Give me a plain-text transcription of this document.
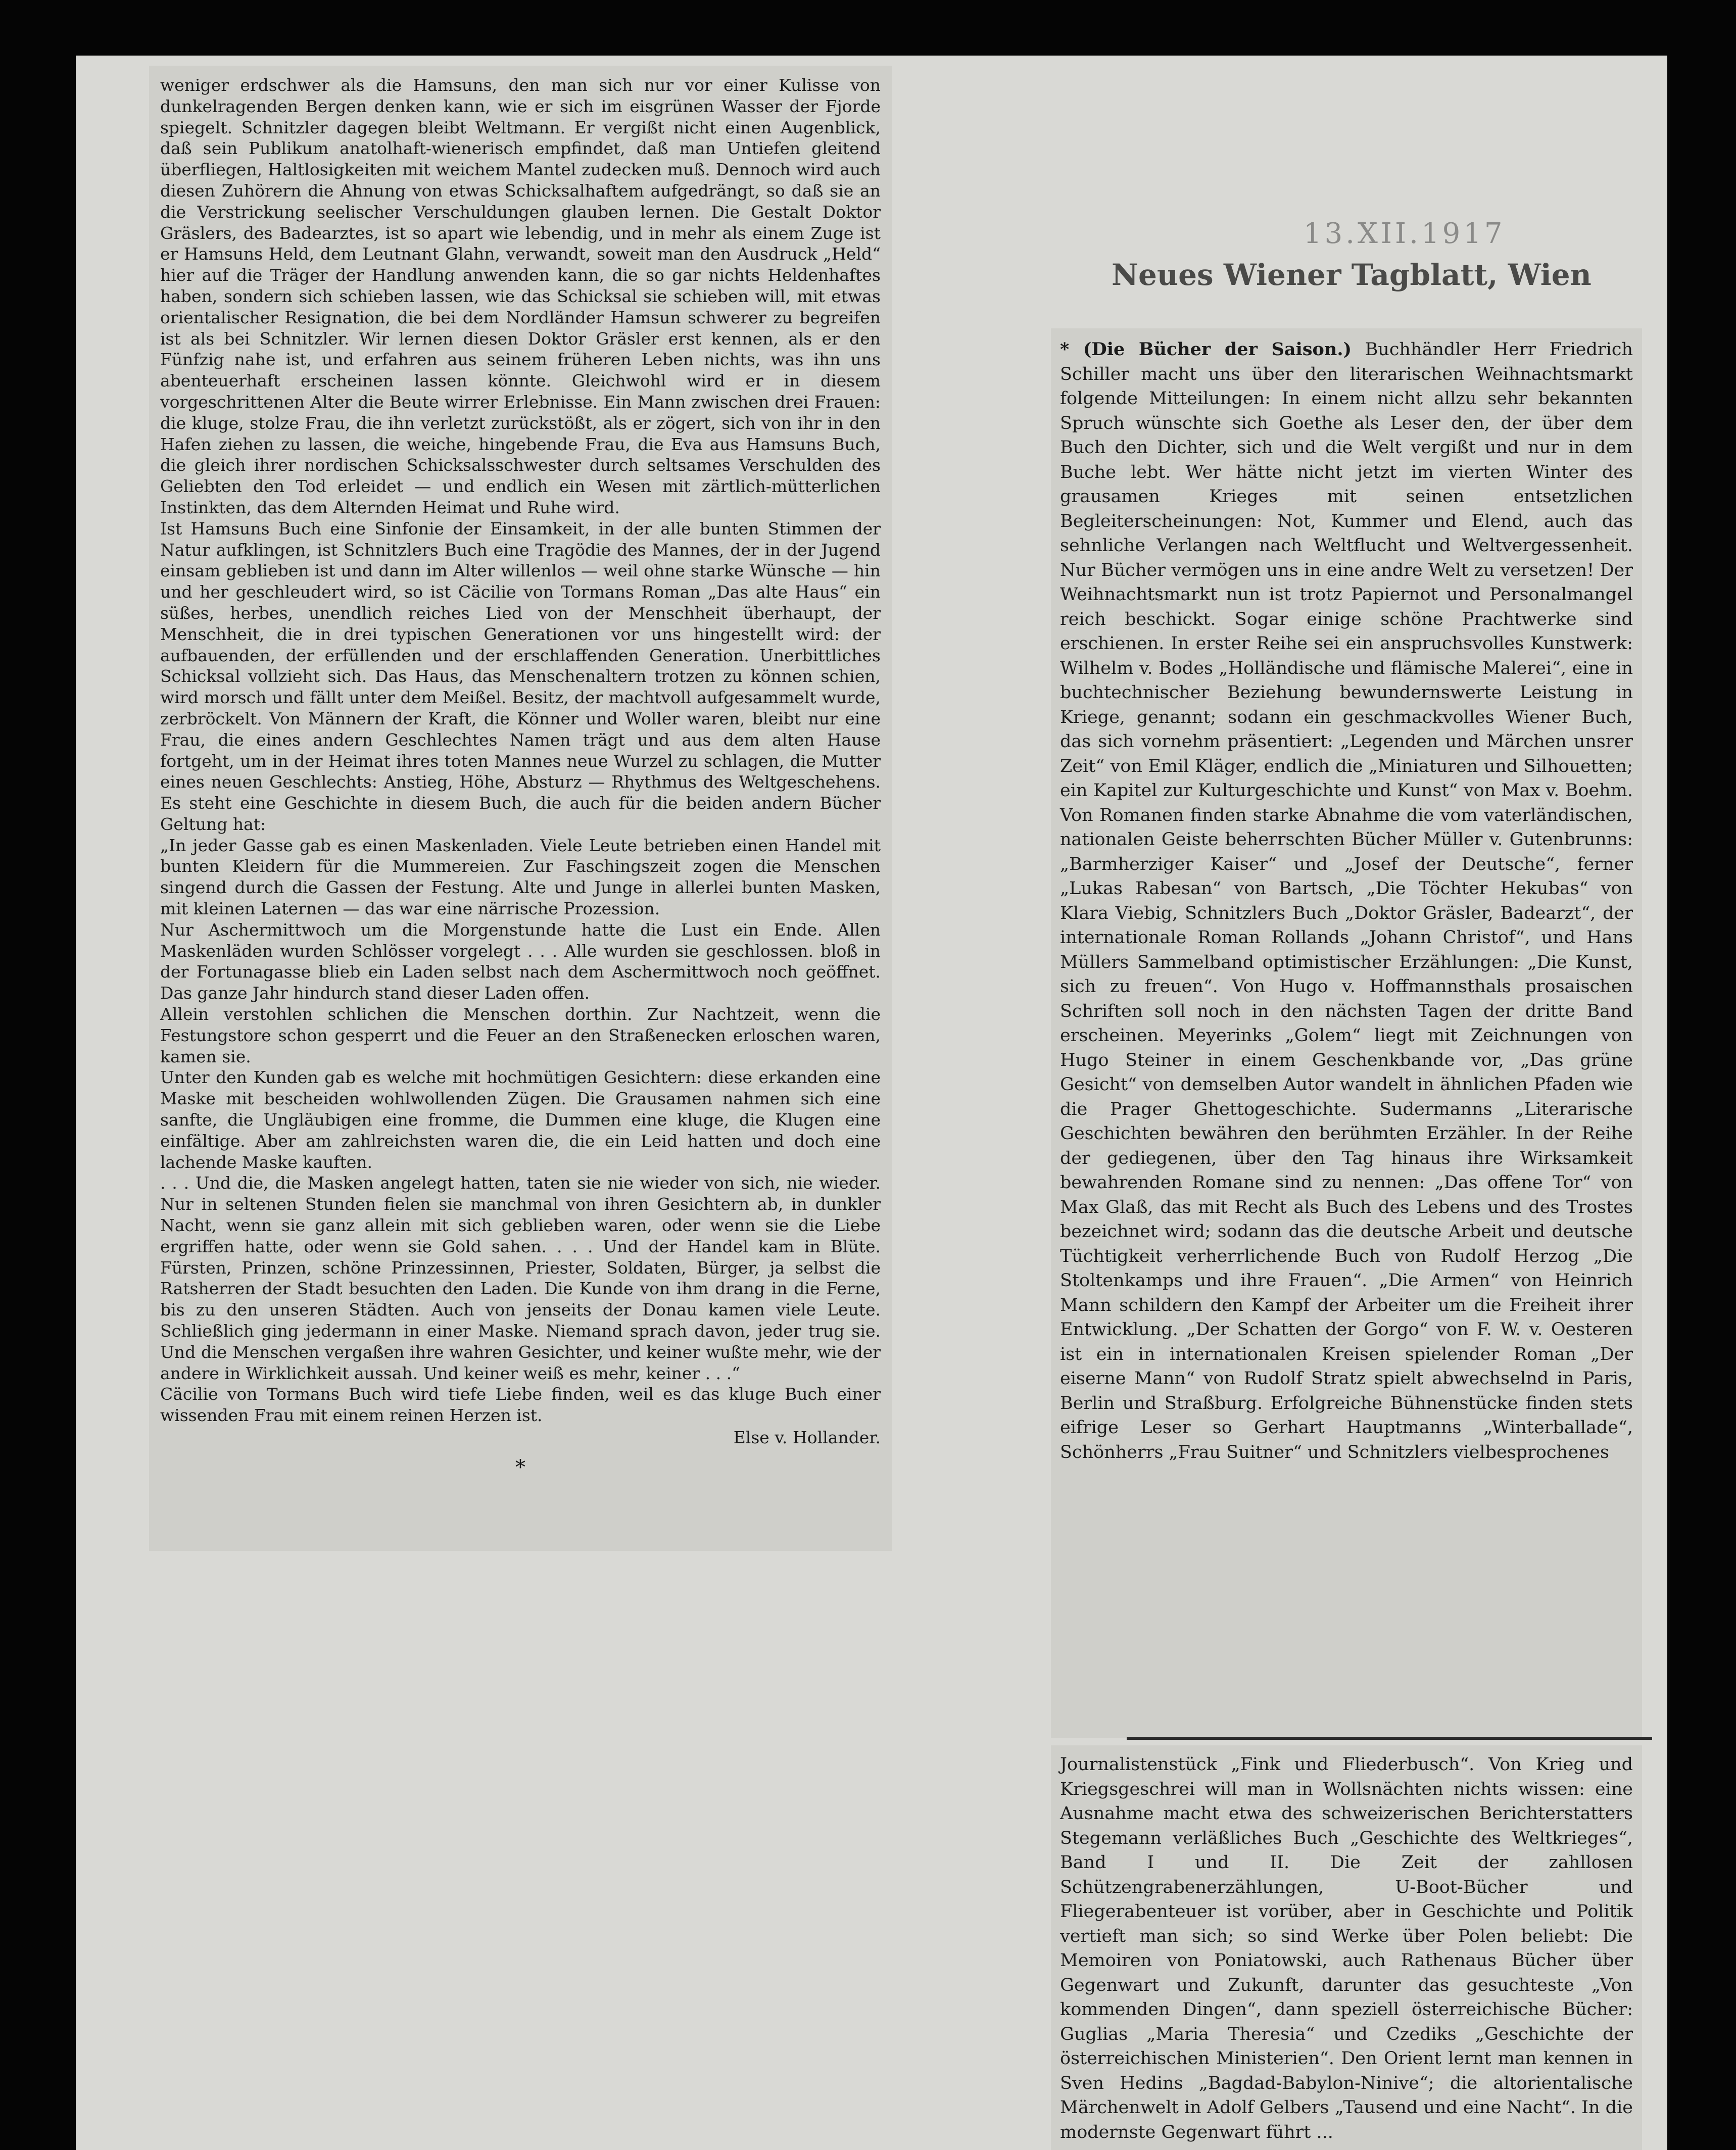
weniger erdschwer als die Hamsuns, den man sich nur vor einer Kulisse von dunkelragenden Bergen denken kann, wie er sich im eisgrünen Wasser der Fjorde spiegelt. Schnitzler dagegen bleibt Weltmann. Er vergißt nicht einen Augenblick, daß sein Publikum anatolhaft-wienerisch empfindet, daß man Untiefen gleitend überfliegen, Haltlosigkeiten mit weichem Mantel zudecken muß. Dennoch wird auch diesen Zuhörern die Ahnung von etwas Schicksalhaftem aufgedrängt, so daß sie an die Verstrickung seelischer Verschuldungen glauben lernen. Die Gestalt Doktor Gräslers, des Badearztes, ist so apart wie lebendig, und in mehr als einem Zuge ist er Hamsuns Held, dem Leutnant Glahn, verwandt, soweit man den Ausdruck „Held“ hier auf die Träger der Handlung anwenden kann, die so gar nichts Heldenhaftes haben, sondern sich schieben lassen, wie das Schicksal sie schieben will, mit etwas orientalischer Resignation, die bei dem Nordländer Hamsun schwerer zu begreifen ist als bei Schnitzler. Wir lernen diesen Doktor Gräsler erst kennen, als er den Fünfzig nahe ist, und erfahren aus seinem früheren Leben nichts, was ihn uns abenteuerhaft erscheinen lassen könnte. Gleichwohl wird er in diesem vorgeschrittenen Alter die Beute wirrer Erlebnisse. Ein Mann zwischen drei Frauen: die kluge, stolze Frau, die ihn verletzt zurückstößt, als er zögert, sich von ihr in den Hafen ziehen zu lassen, die weiche, hingebende Frau, die Eva aus Hamsuns Buch, die gleich ihrer nordischen Schicksalsschwester durch seltsames Verschulden des Geliebten den Tod erleidet — und endlich ein Wesen mit zärtlich-mütterlichen Instinkten, das dem Alternden Heimat und Ruhe wird.

Ist Hamsuns Buch eine Sinfonie der Einsamkeit, in der alle bunten Stimmen der Natur aufklingen, ist Schnitzlers Buch eine Tragödie des Mannes, der in der Jugend einsam geblieben ist und dann im Alter willenlos — weil ohne starke Wünsche — hin und her geschleudert wird, so ist Cäcilie von Tormans Roman „Das alte Haus“ ein süßes, herbes, unendlich reiches Lied von der Menschheit überhaupt, der Menschheit, die in drei typischen Generationen vor uns hingestellt wird: der aufbauenden, der erfüllenden und der erschlaffenden Generation. Unerbittliches Schicksal vollzieht sich. Das Haus, das Menschenaltern trotzen zu können schien, wird morsch und fällt unter dem Meißel. Besitz, der machtvoll aufgesammelt wurde, zerbröckelt. Von Männern der Kraft, die Könner und Woller waren, bleibt nur eine Frau, die eines andern Geschlechtes Namen trägt und aus dem alten Hause fortgeht, um in der Heimat ihres toten Mannes neue Wurzel zu schlagen, die Mutter eines neuen Geschlechts: Anstieg, Höhe, Absturz — Rhythmus des Weltgeschehens. Es steht eine Geschichte in diesem Buch, die auch für die beiden andern Bücher Geltung hat:

„In jeder Gasse gab es einen Maskenladen. Viele Leute betrieben einen Handel mit bunten Kleidern für die Mummereien. Zur Faschingszeit zogen die Menschen singend durch die Gassen der Festung. Alte und Junge in allerlei bunten Masken, mit kleinen Laternen — das war eine närrische Prozession.

Nur Aschermittwoch um die Morgenstunde hatte die Lust ein Ende. Allen Maskenläden wurden Schlösser vorgelegt . . . Alle wurden sie geschlossen. bloß in der Fortunagasse blieb ein Laden selbst nach dem Aschermittwoch noch geöffnet. Das ganze Jahr hindurch stand dieser Laden offen.

Allein verstohlen schlichen die Menschen dorthin. Zur Nachtzeit, wenn die Festungstore schon gesperrt und die Feuer an den Straßenecken erloschen waren, kamen sie.

Unter den Kunden gab es welche mit hochmütigen Gesichtern: diese erkanden eine Maske mit bescheiden wohlwollenden Zügen. Die Grausamen nahmen sich eine sanfte, die Ungläubigen eine fromme, die Dummen eine kluge, die Klugen eine einfältige. Aber am zahlreichsten waren die, die ein Leid hatten und doch eine lachende Maske kauften.

. . . Und die, die Masken angelegt hatten, taten sie nie wieder von sich, nie wieder. Nur in seltenen Stunden fielen sie manchmal von ihren Gesichtern ab, in dunkler Nacht, wenn sie ganz allein mit sich geblieben waren, oder wenn sie die Liebe ergriffen hatte, oder wenn sie Gold sahen. . . . Und der Handel kam in Blüte. Fürsten, Prinzen, schöne Prinzessinnen, Priester, Soldaten, Bürger, ja selbst die Ratsherren der Stadt besuchten den Laden. Die Kunde von ihm drang in die Ferne, bis zu den unseren Städten. Auch von jenseits der Donau kamen viele Leute. Schließlich ging jedermann in einer Maske. Niemand sprach davon, jeder trug sie. Und die Menschen vergaßen ihre wahren Gesichter, und keiner wußte mehr, wie der andere in Wirklichkeit aussah. Und keiner weiß es mehr, keiner . . .“

Cäcilie von Tormans Buch wird tiefe Liebe finden, weil es das kluge Buch einer wissenden Frau mit einem reinen Herzen ist.

Else v. Hollander.

*

13.XII.1917
Neues Wiener Tagblatt, Wien

* (Die Bücher der Saison.) Buchhändler Herr Friedrich Schiller macht uns über den literarischen Weihnachtsmarkt folgende Mitteilungen: In einem nicht allzu sehr bekannten Spruch wünschte sich Goethe als Leser den, der über dem Buch den Dichter, sich und die Welt vergißt und nur in dem Buche lebt. Wer hätte nicht jetzt im vierten Winter des grausamen Krieges mit seinen entsetzlichen Begleiterscheinungen: Not, Kummer und Elend, auch das sehnliche Verlangen nach Weltflucht und Weltvergessenheit. Nur Bücher vermögen uns in eine andre Welt zu versetzen! Der Weihnachtsmarkt nun ist trotz Papiernot und Personalmangel reich beschickt. Sogar einige schöne Prachtwerke sind erschienen. In erster Reihe sei ein anspruchsvolles Kunstwerk: Wilhelm v. Bodes „Holländische und flämische Malerei“, eine in buchtechnischer Beziehung bewundernswerte Leistung in Kriege, genannt; sodann ein geschmackvolles Wiener Buch, das sich vornehm präsentiert: „Legenden und Märchen unsrer Zeit“ von Emil Kläger, endlich die „Miniaturen und Silhouetten; ein Kapitel zur Kulturgeschichte und Kunst“ von Max v. Boehm. Von Romanen finden starke Abnahme die vom vaterländischen, nationalen Geiste beherrschten Bücher Müller v. Gutenbrunns: „Barmherziger Kaiser“ und „Josef der Deutsche“, ferner „Lukas Rabesan“ von Bartsch, „Die Töchter Hekubas“ von Klara Viebig, Schnitzlers Buch „Doktor Gräsler, Badearzt“, der internationale Roman Rollands „Johann Christof“, und Hans Müllers Sammelband optimistischer Erzählungen: „Die Kunst, sich zu freuen“. Von Hugo v. Hoffmannsthals prosaischen Schriften soll noch in den nächsten Tagen der dritte Band erscheinen. Meyerinks „Golem“ liegt mit Zeichnungen von Hugo Steiner in einem Geschenkbande vor, „Das grüne Gesicht“ von demselben Autor wandelt in ähnlichen Pfaden wie die Prager Ghettogeschichte. Sudermanns „Literarische Geschichten bewähren den berühmten Erzähler. In der Reihe der gediegenen, über den Tag hinaus ihre Wirksamkeit bewahrenden Romane sind zu nennen: „Das offene Tor“ von Max Glaß, das mit Recht als Buch des Lebens und des Trostes bezeichnet wird; sodann das die deutsche Arbeit und deutsche Tüchtigkeit verherrlichende Buch von Rudolf Herzog „Die Stoltenkamps und ihre Frauen“. „Die Armen“ von Heinrich Mann schildern den Kampf der Arbeiter um die Freiheit ihrer Entwicklung. „Der Schatten der Gorgo“ von F. W. v. Oesteren ist ein in internationalen Kreisen spielender Roman „Der eiserne Mann“ von Rudolf Stratz spielt abwechselnd in Paris, Berlin und Straßburg. Erfolgreiche Bühnenstücke finden stets eifrige Leser so Gerhart Hauptmanns „Winterballade“, Schönherrs „Frau Suitner“ und Schnitzlers vielbesprochenes

Journalistenstück „Fink und Fliederbusch“. Von Krieg und Kriegsgeschrei will man in Wollsnächten nichts wissen: eine Ausnahme macht etwa des schweizerischen Berichterstatters Stegemann verläßliches Buch „Geschichte des Weltkrieges“, Band I und II. Die Zeit der zahllosen Schützengrabenerzählungen, U-Boot-Bücher und Fliegerabenteuer ist vorüber, aber in Geschichte und Politik vertieft man sich; so sind Werke über Polen beliebt: Die Memoiren von Poniatowski, auch Rathenaus Bücher über Gegenwart und Zukunft, darunter das gesuchteste „Von kommenden Dingen“, dann speziell österreichische Bücher: Guglias „Maria Theresia“ und Czediks „Geschichte der österreichischen Ministerien“. Den Orient lernt man kennen in Sven Hedins „Bagdad-Babylon-Ninive“; die altorientalische Märchenwelt in Adolf Gelbers „Tausend und eine Nacht“. In die modernste Gegenwart führt ...
